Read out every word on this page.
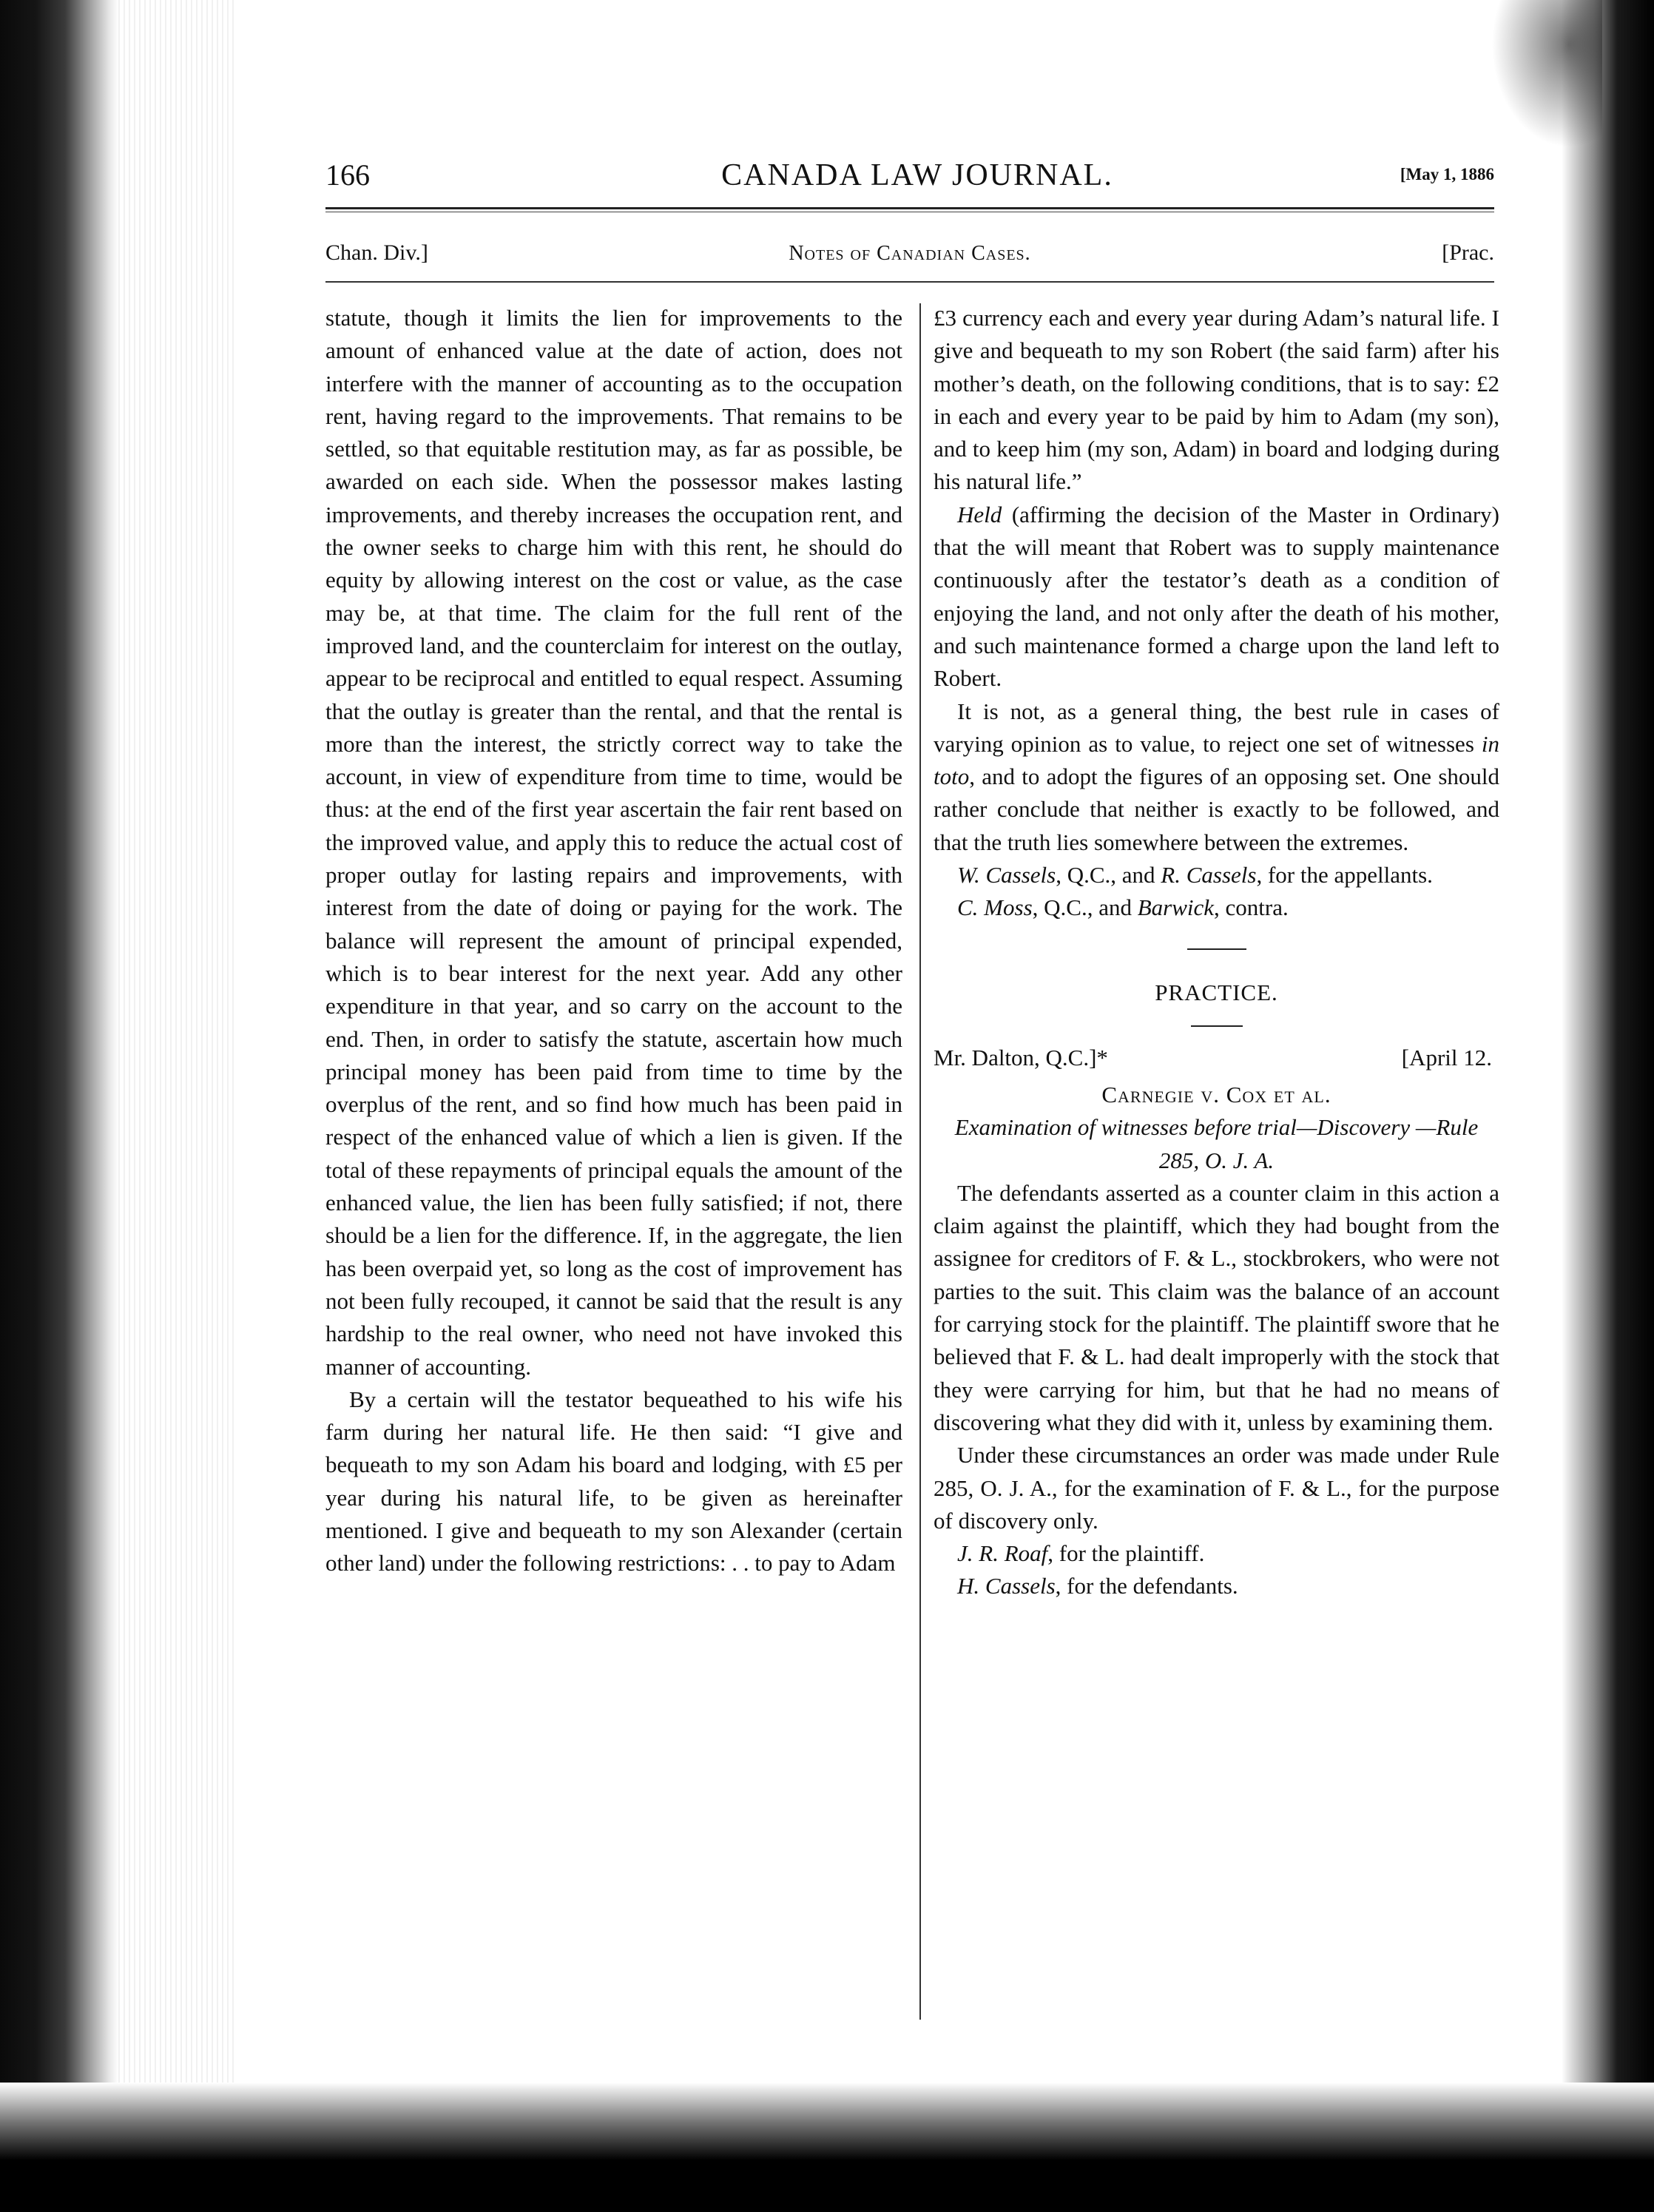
166	CANADA LAW JOURNAL.	[May 1, 1886
Chan. Div.]	Notes of Canadian Cases.	[Prac.

statute, though it limits the lien for improvements to the amount of enhanced value at the date of action, does not interfere with the manner of accounting as to the occupation rent, having regard to the improvements. That remains to be settled, so that equitable restitution may, as far as possible, be awarded on each side. When the possessor makes lasting improvements, and thereby increases the occupation rent, and the owner seeks to charge him with this rent, he should do equity by allowing interest on the cost or value, as the case may be, at that time. The claim for the full rent of the improved land, and the counterclaim for interest on the outlay, appear to be reciprocal and entitled to equal respect. Assuming that the outlay is greater than the rental, and that the rental is more than the interest, the strictly correct way to take the account, in view of expenditure from time to time, would be thus: at the end of the first year ascertain the fair rent based on the improved value, and apply this to reduce the actual cost of proper outlay for lasting repairs and improvements, with interest from the date of doing or paying for the work. The balance will represent the amount of principal expended, which is to bear interest for the next year. Add any other expenditure in that year, and so carry on the account to the end. Then, in order to satisfy the statute, ascertain how much principal money has been paid from time to time by the overplus of the rent, and so find how much has been paid in respect of the enhanced value of which a lien is given. If the total of these repayments of principal equals the amount of the enhanced value, the lien has been fully satisfied; if not, there should be a lien for the difference. If, in the aggregate, the lien has been overpaid yet, so long as the cost of improvement has not been fully recouped, it cannot be said that the result is any hardship to the real owner, who need not have invoked this manner of accounting.

By a certain will the testator bequeathed to his wife his farm during her natural life. He then said: “I give and bequeath to my son Adam his board and lodging, with £5 per year during his natural life, to be given as hereinafter mentioned. I give and bequeath to my son Alexander (certain other land) under the following restrictions: . . to pay to Adam

£3 currency each and every year during Adam’s natural life. I give and bequeath to my son Robert (the said farm) after his mother’s death, on the following conditions, that is to say: £2 in each and every year to be paid by him to Adam (my son), and to keep him (my son, Adam) in board and lodging during his natural life.”

Held (affirming the decision of the Master in Ordinary) that the will meant that Robert was to supply maintenance continuously after the testator’s death as a condition of enjoying the land, and not only after the death of his mother, and such maintenance formed a charge upon the land left to Robert.

It is not, as a general thing, the best rule in cases of varying opinion as to value, to reject one set of witnesses in toto, and to adopt the figures of an opposing set. One should rather conclude that neither is exactly to be followed, and that the truth lies somewhere between the extremes.

W. Cassels, Q.C., and R. Cassels, for the appellants.

C. Moss, Q.C., and Barwick, contra.

PRACTICE.

Mr. Dalton, Q.C.]*	[April 12.

Carnegie v. Cox et al.

Examination of witnesses before trial—Discovery —Rule 285, O. J. A.

The defendants asserted as a counter claim in this action a claim against the plaintiff, which they had bought from the assignee for creditors of F. & L., stockbrokers, who were not parties to the suit. This claim was the balance of an account for carrying stock for the plaintiff. The plaintiff swore that he believed that F. & L. had dealt improperly with the stock that they were carrying for him, but that he had no means of discovering what they did with it, unless by examining them.

Under these circumstances an order was made under Rule 285, O. J. A., for the examination of F. & L., for the purpose of discovery only.

J. R. Roaf, for the plaintiff.

H. Cassels, for the defendants.
